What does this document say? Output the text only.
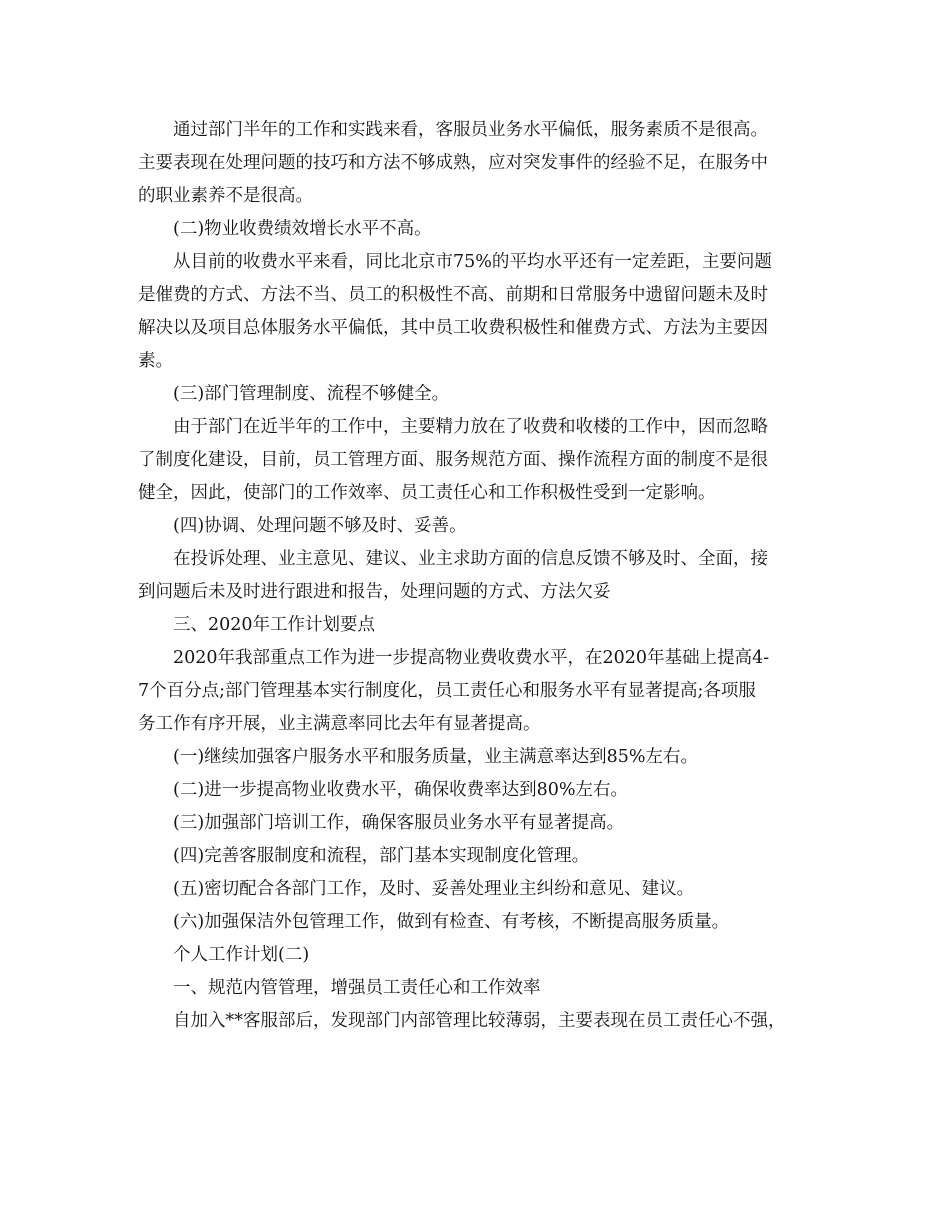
通过部门半年的工作和实践来看，客服员业务水平偏低，服务素质不是很高。
主要表现在处理问题的技巧和方法不够成熟，应对突发事件的经验不足，在服务中
的职业素养不是很高。
(二)物业收费绩效增长水平不高。
从目前的收费水平来看，同比北京市75%的平均水平还有一定差距，主要问题
是催费的方式、方法不当、员工的积极性不高、前期和日常服务中遗留问题未及时
解决以及项目总体服务水平偏低，其中员工收费积极性和催费方式、方法为主要因
素。
(三)部门管理制度、流程不够健全。
由于部门在近半年的工作中，主要精力放在了收费和收楼的工作中，因而忽略
了制度化建设，目前，员工管理方面、服务规范方面、操作流程方面的制度不是很
健全，因此，使部门的工作效率、员工责任心和工作积极性受到一定影响。
(四)协调、处理问题不够及时、妥善。
在投诉处理、业主意见、建议、业主求助方面的信息反馈不够及时、全面，接
到问题后未及时进行跟进和报告，处理问题的方式、方法欠妥
三、2020年工作计划要点
2020年我部重点工作为进一步提高物业费收费水平，在2020年基础上提高4-
7个百分点;部门管理基本实行制度化，员工责任心和服务水平有显著提高;各项服
务工作有序开展，业主满意率同比去年有显著提高。
(一)继续加强客户服务水平和服务质量，业主满意率达到85%左右。
(二)进一步提高物业收费水平，确保收费率达到80%左右。
(三)加强部门培训工作，确保客服员业务水平有显著提高。
(四)完善客服制度和流程，部门基本实现制度化管理。
(五)密切配合各部门工作，及时、妥善处理业主纠纷和意见、建议。
(六)加强保洁外包管理工作，做到有检查、有考核，不断提高服务质量。
个人工作计划(二)
一、规范内管管理，增强员工责任心和工作效率
自加入**客服部后，发现部门内部管理比较薄弱，主要表现在员工责任心不强，
